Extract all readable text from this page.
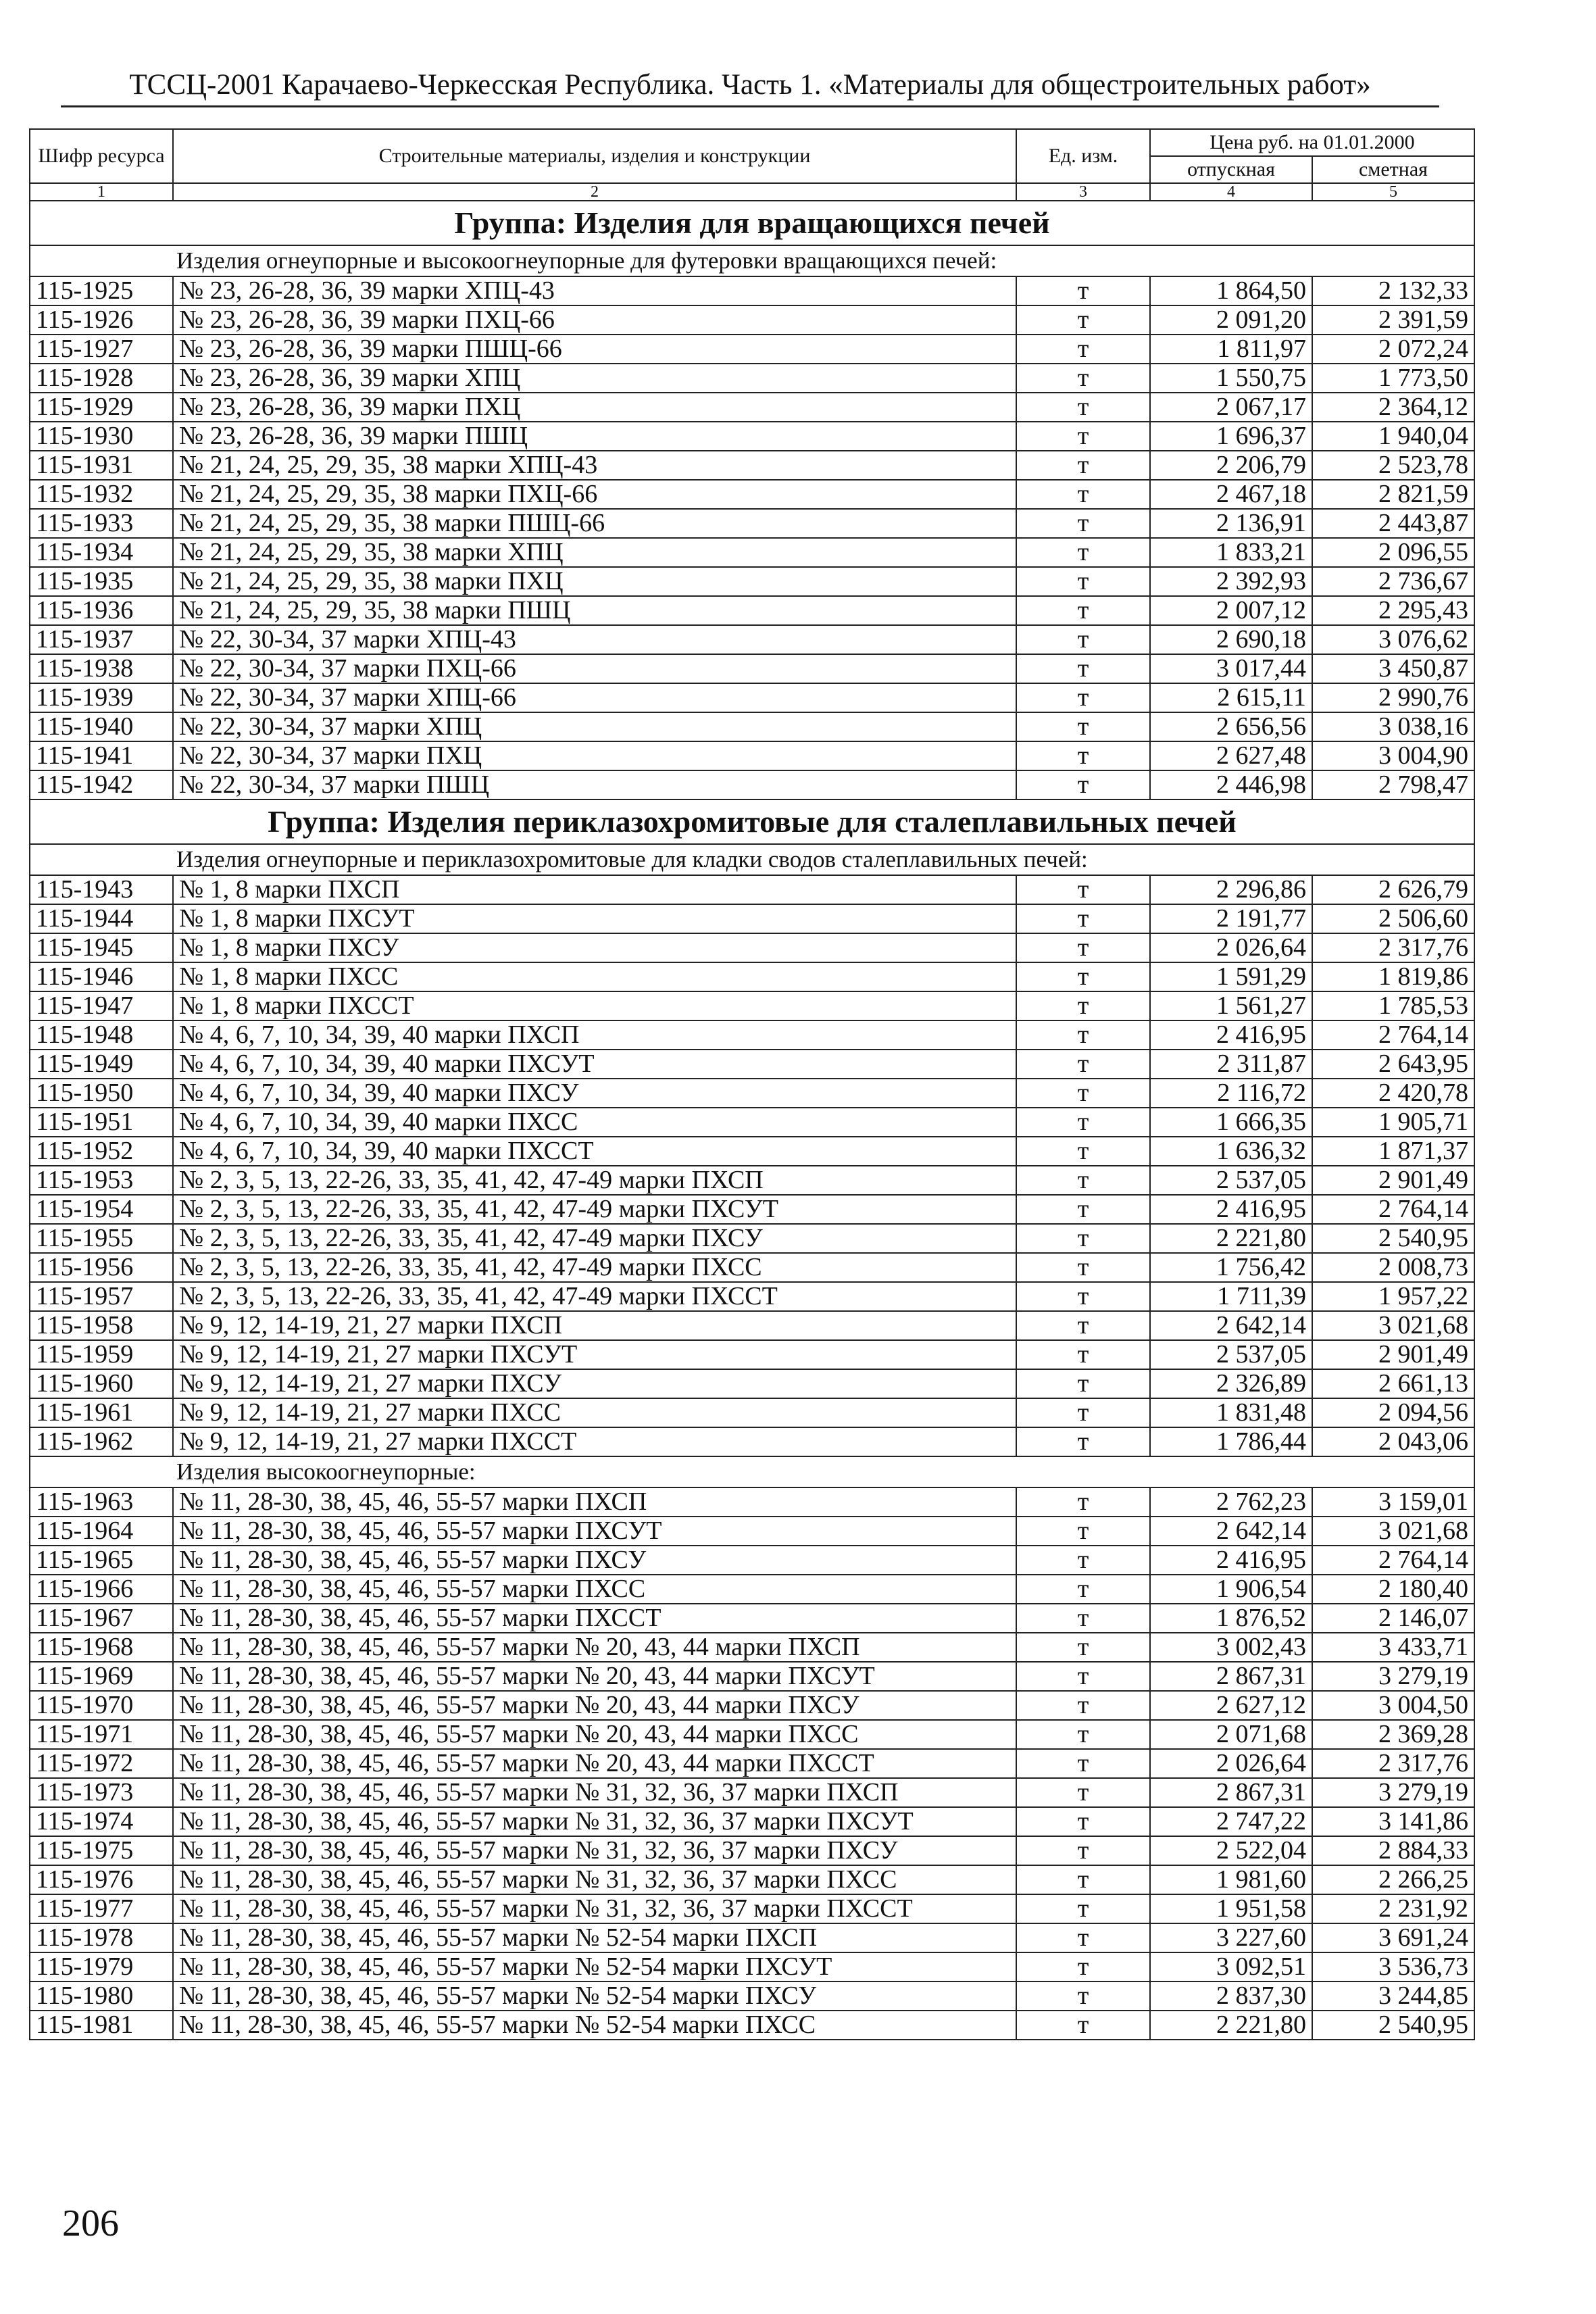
ТССЦ-2001 Карачаево-Черкесская Республика. Часть 1. «Материалы для общестроительных работ»
Шифр ресурса	Строительные материалы, изделия и конструкции	Ед. изм.	Цена руб. на 01.01.2000	
			отпускная	сметная
1	2	3	4	5
Группа: Изделия для вращающихся печей				
Изделия огнеупорные и высокоогнеупорные для футеровки вращающихся печей:				
115-1925	№ 23, 26-28, 36, 39 марки ХПЦ-43	т	1 864,50	2 132,33
115-1926	№ 23, 26-28, 36, 39 марки ПХЦ-66	т	2 091,20	2 391,59
115-1927	№ 23, 26-28, 36, 39 марки ПШЦ-66	т	1 811,97	2 072,24
115-1928	№ 23, 26-28, 36, 39 марки ХПЦ	т	1 550,75	1 773,50
115-1929	№ 23, 26-28, 36, 39 марки ПХЦ	т	2 067,17	2 364,12
115-1930	№ 23, 26-28, 36, 39 марки ПШЦ	т	1 696,37	1 940,04
115-1931	№ 21, 24, 25, 29, 35, 38 марки ХПЦ-43	т	2 206,79	2 523,78
115-1932	№ 21, 24, 25, 29, 35, 38 марки ПХЦ-66	т	2 467,18	2 821,59
115-1933	№ 21, 24, 25, 29, 35, 38 марки ПШЦ-66	т	2 136,91	2 443,87
115-1934	№ 21, 24, 25, 29, 35, 38 марки ХПЦ	т	1 833,21	2 096,55
115-1935	№ 21, 24, 25, 29, 35, 38 марки ПХЦ	т	2 392,93	2 736,67
115-1936	№ 21, 24, 25, 29, 35, 38 марки ПШЦ	т	2 007,12	2 295,43
115-1937	№ 22, 30-34, 37 марки ХПЦ-43	т	2 690,18	3 076,62
115-1938	№ 22, 30-34, 37 марки ПХЦ-66	т	3 017,44	3 450,87
115-1939	№ 22, 30-34, 37 марки ХПЦ-66	т	2 615,11	2 990,76
115-1940	№ 22, 30-34, 37 марки ХПЦ	т	2 656,56	3 038,16
115-1941	№ 22, 30-34, 37 марки ПХЦ	т	2 627,48	3 004,90
115-1942	№ 22, 30-34, 37 марки ПШЦ	т	2 446,98	2 798,47
Группа: Изделия периклазохромитовые для сталеплавильных печей				
Изделия огнеупорные и периклазохромитовые для кладки сводов сталеплавильных печей:				
115-1943	№ 1, 8 марки ПХСП	т	2 296,86	2 626,79
115-1944	№ 1, 8 марки ПХСУТ	т	2 191,77	2 506,60
115-1945	№ 1, 8 марки ПХСУ	т	2 026,64	2 317,76
115-1946	№ 1, 8 марки ПХСС	т	1 591,29	1 819,86
115-1947	№ 1, 8 марки ПХССТ	т	1 561,27	1 785,53
115-1948	№ 4, 6, 7, 10, 34, 39, 40 марки ПХСП	т	2 416,95	2 764,14
115-1949	№ 4, 6, 7, 10, 34, 39, 40 марки ПХСУТ	т	2 311,87	2 643,95
115-1950	№ 4, 6, 7, 10, 34, 39, 40 марки ПХСУ	т	2 116,72	2 420,78
115-1951	№ 4, 6, 7, 10, 34, 39, 40 марки ПХСС	т	1 666,35	1 905,71
115-1952	№ 4, 6, 7, 10, 34, 39, 40 марки ПХССТ	т	1 636,32	1 871,37
115-1953	№ 2, 3, 5, 13, 22-26, 33, 35, 41, 42, 47-49 марки ПХСП	т	2 537,05	2 901,49
115-1954	№ 2, 3, 5, 13, 22-26, 33, 35, 41, 42, 47-49 марки ПХСУТ	т	2 416,95	2 764,14
115-1955	№ 2, 3, 5, 13, 22-26, 33, 35, 41, 42, 47-49 марки ПХСУ	т	2 221,80	2 540,95
115-1956	№ 2, 3, 5, 13, 22-26, 33, 35, 41, 42, 47-49 марки ПХСС	т	1 756,42	2 008,73
115-1957	№ 2, 3, 5, 13, 22-26, 33, 35, 41, 42, 47-49 марки ПХССТ	т	1 711,39	1 957,22
115-1958	№ 9, 12, 14-19, 21, 27 марки ПХСП	т	2 642,14	3 021,68
115-1959	№ 9, 12, 14-19, 21, 27 марки ПХСУТ	т	2 537,05	2 901,49
115-1960	№ 9, 12, 14-19, 21, 27 марки ПХСУ	т	2 326,89	2 661,13
115-1961	№ 9, 12, 14-19, 21, 27 марки ПХСС	т	1 831,48	2 094,56
115-1962	№ 9, 12, 14-19, 21, 27 марки ПХССТ	т	1 786,44	2 043,06
Изделия высокоогнеупорные:				
115-1963	№ 11, 28-30, 38, 45, 46, 55-57 марки ПХСП	т	2 762,23	3 159,01
115-1964	№ 11, 28-30, 38, 45, 46, 55-57 марки ПХСУТ	т	2 642,14	3 021,68
115-1965	№ 11, 28-30, 38, 45, 46, 55-57 марки ПХСУ	т	2 416,95	2 764,14
115-1966	№ 11, 28-30, 38, 45, 46, 55-57 марки ПХСС	т	1 906,54	2 180,40
115-1967	№ 11, 28-30, 38, 45, 46, 55-57 марки ПХССТ	т	1 876,52	2 146,07
115-1968	№ 11, 28-30, 38, 45, 46, 55-57 марки № 20, 43, 44 марки ПХСП	т	3 002,43	3 433,71
115-1969	№ 11, 28-30, 38, 45, 46, 55-57 марки № 20, 43, 44 марки ПХСУТ	т	2 867,31	3 279,19
115-1970	№ 11, 28-30, 38, 45, 46, 55-57 марки № 20, 43, 44 марки ПХСУ	т	2 627,12	3 004,50
115-1971	№ 11, 28-30, 38, 45, 46, 55-57 марки № 20, 43, 44 марки ПХСС	т	2 071,68	2 369,28
115-1972	№ 11, 28-30, 38, 45, 46, 55-57 марки № 20, 43, 44 марки ПХССТ	т	2 026,64	2 317,76
115-1973	№ 11, 28-30, 38, 45, 46, 55-57 марки № 31, 32, 36, 37 марки ПХСП	т	2 867,31	3 279,19
115-1974	№ 11, 28-30, 38, 45, 46, 55-57 марки № 31, 32, 36, 37 марки ПХСУТ	т	2 747,22	3 141,86
115-1975	№ 11, 28-30, 38, 45, 46, 55-57 марки № 31, 32, 36, 37 марки ПХСУ	т	2 522,04	2 884,33
115-1976	№ 11, 28-30, 38, 45, 46, 55-57 марки № 31, 32, 36, 37 марки ПХСС	т	1 981,60	2 266,25
115-1977	№ 11, 28-30, 38, 45, 46, 55-57 марки № 31, 32, 36, 37 марки ПХССТ	т	1 951,58	2 231,92
115-1978	№ 11, 28-30, 38, 45, 46, 55-57 марки № 52-54 марки ПХСП	т	3 227,60	3 691,24
115-1979	№ 11, 28-30, 38, 45, 46, 55-57 марки № 52-54 марки ПХСУТ	т	3 092,51	3 536,73
115-1980	№ 11, 28-30, 38, 45, 46, 55-57 марки № 52-54 марки ПХСУ	т	2 837,30	3 244,85
115-1981	№ 11, 28-30, 38, 45, 46, 55-57 марки № 52-54 марки ПХСС	т	2 221,80	2 540,95
206
